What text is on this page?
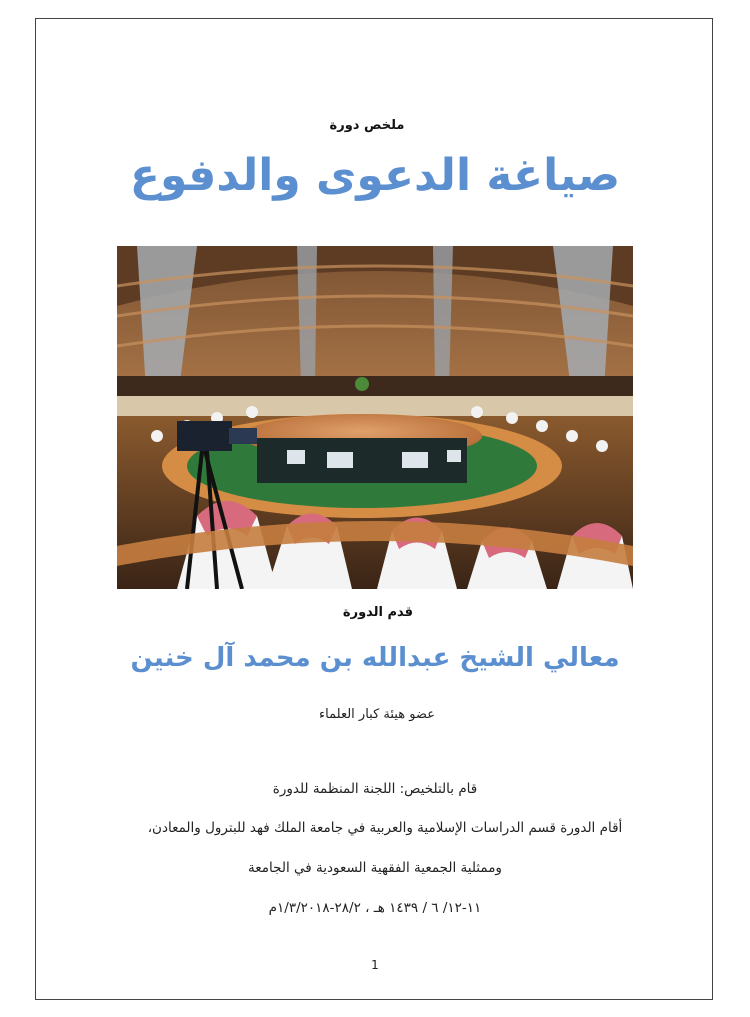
ملخص دورة
صياغة الدعوى والدفوع
قدم الدورة
معالي الشيخ عبدالله بن محمد آل خنين
عضو هيئة كبار العلماء
قام بالتلخيص: اللجنة المنظمة للدورة
أقام الدورة قسم الدراسات الإسلامية والعربية في جامعة الملك فهد للبترول والمعادن،
وممثلية الجمعية الفقهية السعودية في الجامعة
١١-١٢/ ٦ / ١٤٣٩ هـ ، ٢٨/٢-١/٣/٢٠١٨م
1
